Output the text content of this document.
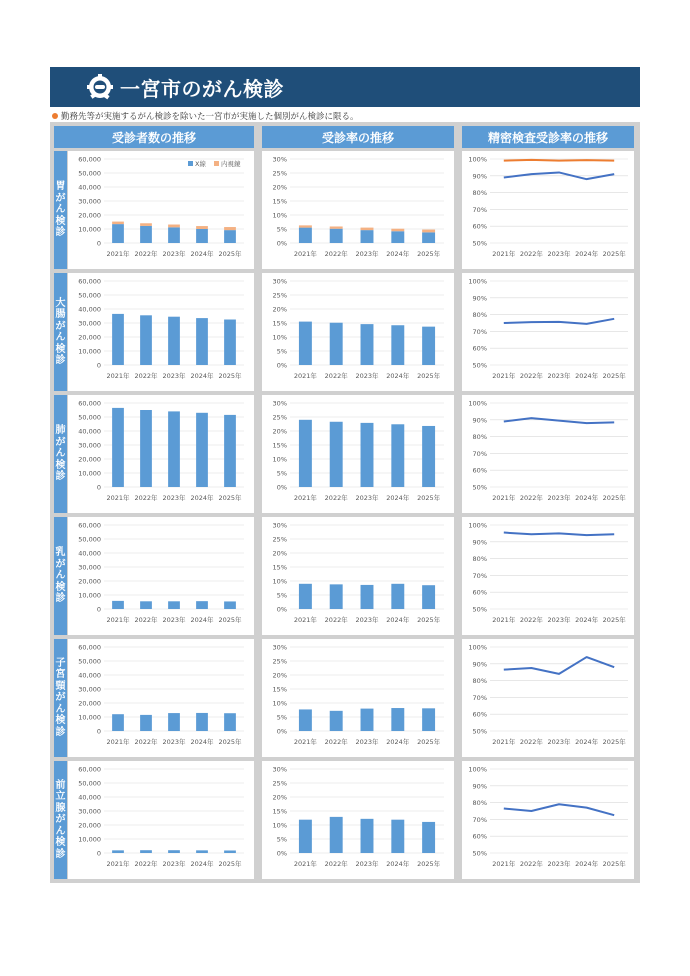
一宮市のがん検診
勤務先等が実施するがん検診を除いた一宮市が実施した個別がん検診に限る。
受診者数の推移	受診率の推移	精密検査受診率の推移
胃
が
ん
検
診
0
10,000
20,000
30,000
40,000
50,000
60,000
2021年 2022年 2023年 2024年 2025年
X線 内視鏡
0%
5%
10%
15%
20%
25%
30%
2021年 2022年 2023年 2024年 2025年
50%
60%
70%
80%
90%
100%
2021年 2022年 2023年 2024年 2025年
大
腸
が
ん
検
診	0
10,000
20,000
30,000
40,000
50,000
60,000
2021年 2022年 2023年 2024年 2025年
0%
5%
10%
15%
20%
25%
30%
2021年 2022年 2023年 2024年 2025年
50%
60%
70%
80%
90%
100%
2021年 2022年 2023年 2024年 2025年
肺
が
ん
検
診
0
10,000
20,000
30,000
40,000
50,000
60,000
2021年 2022年 2023年 2024年 2025年
0%
5%
10%
15%
20%
25%
30%
2021年 2022年 2023年 2024年 2025年
50%
60%
70%
80%
90%
100%
2021年 2022年 2023年 2024年 2025年
乳
が
ん
検
診
0
10,000
20,000
30,000
40,000
50,000
60,000
2021年 2022年 2023年 2024年 2025年
0%
5%
10%
15%
20%
25%
30%
2021年 2022年 2023年 2024年 2025年
50%
60%
70%
80%
90%
100%
2021年 2022年 2023年 2024年 2025年
子
宮
頸
が
ん
検
診	0
10,000
20,000
30,000
40,000
50,000
60,000
2021年 2022年 2023年 2024年 2025年
0%
5%
10%
15%
20%
25%
30%
2021年 2022年 2023年 2024年 2025年
50%
60%
70%
80%
90%
100%
2021年 2022年 2023年 2024年 2025年
前
立
腺
が
ん
検
診	0
10,000
20,000
30,000
40,000
50,000
60,000
2021年 2022年 2023年 2024年 2025年
0%
5%
10%
15%
20%
25%
30%
2021年 2022年 2023年 2024年 2025年
50%
60%
70%
80%
90%
100%
2021年 2022年 2023年 2024年 2025年
